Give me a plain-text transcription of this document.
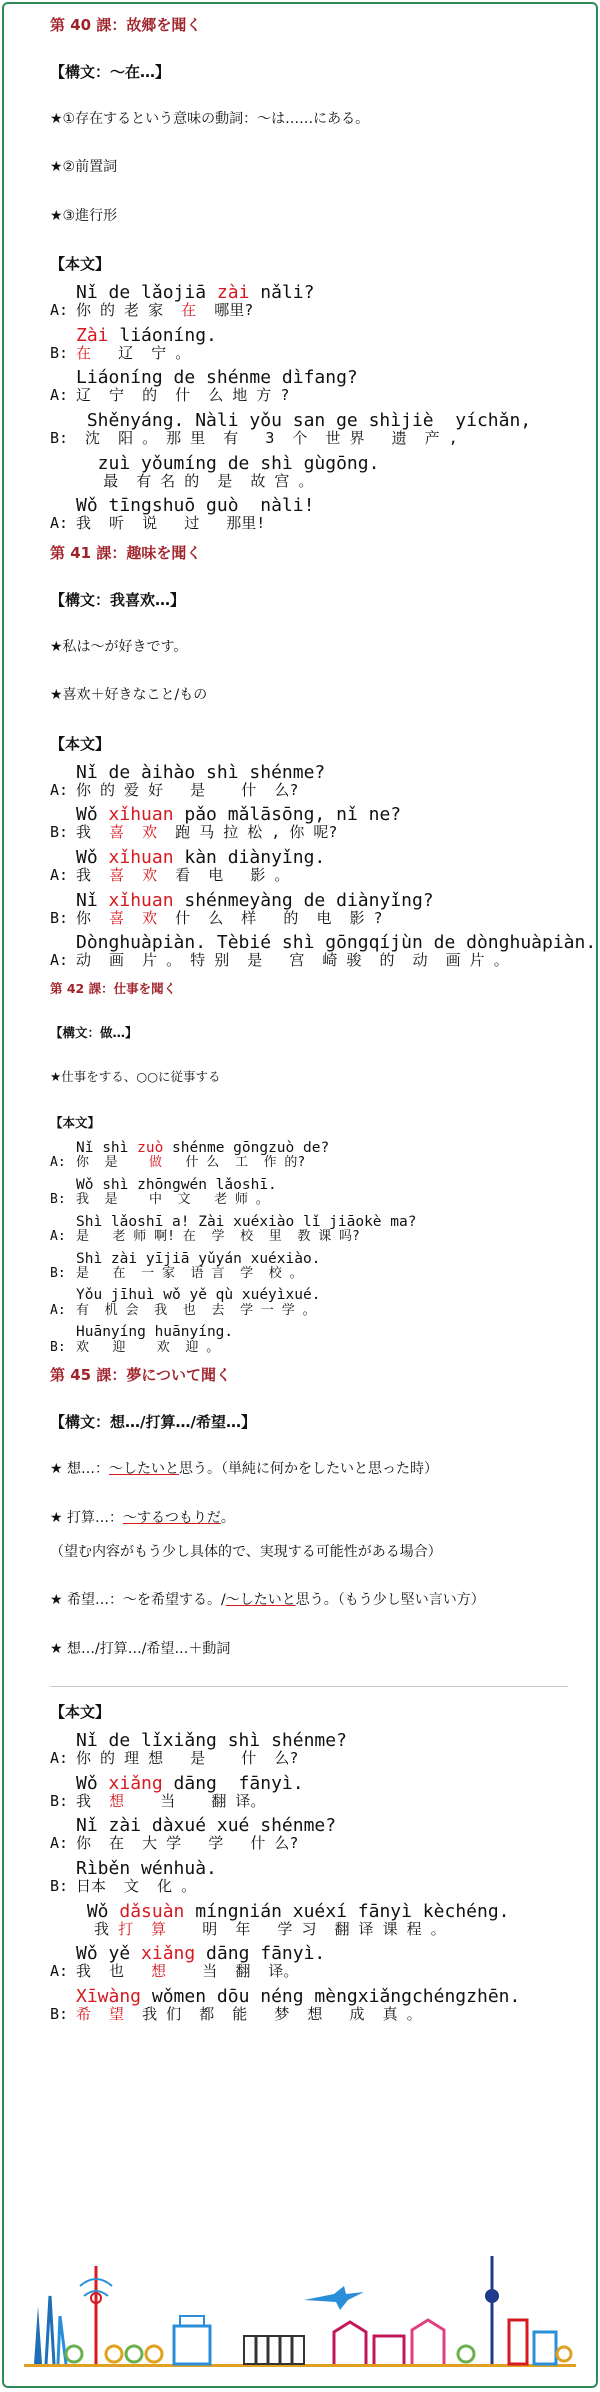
第 40 課：故郷を聞く
【構文：～在…】
★①存在するという意味の動詞：～は……にある。
★②前置詞
★③進行形
【本文】
Nǐ de lǎojiā zài nǎli?
A: 你 的 老 家  在  哪里?
Zài liáoníng.
B: 在   辽  宁 。
Liáoníng de shénme dìfang?
A: 辽  宁  的  什  么 地 方 ?
Shěnyáng. Nàli yǒu san ge shìjiè  yíchǎn,
B: 沈  阳 。 那 里  有   3  个  世 界   遗  产 ,
zuì yǒumíng de shì gùgōng.
最  有 名 的  是  故 宫 。
Wǒ tīngshuō guò  nàli!
A: 我  听  说   过   那里!
第 41 課：趣味を聞く
【構文：我喜欢…】
★私は～が好きです。
★喜欢＋好きなこと/もの
【本文】
Nǐ de àihào shì shénme?
A: 你 的 爱 好   是    什  么?
Wǒ xǐhuan pǎo mǎlāsōng, nǐ ne?
B: 我  喜  欢  跑 马 拉 松 , 你 呢?
Wǒ xǐhuan kàn diànyǐng.
A: 我  喜  欢  看  电   影 。
Nǐ xǐhuan shénmeyàng de diànyǐng?
B: 你  喜  欢  什  么  样   的  电  影 ?
Dònghuàpiàn. Tèbié shì gōngqíjùn de dònghuàpiàn.
A: 动  画  片 。 特 别  是   宫  崎 骏  的  动  画 片 。
第 42 課：仕事を聞く
【構文：做…】
★仕事をする、○○に従事する
【本文】
Nǐ shì zuò shénme gōngzuò de?
A: 你  是    做   什 么  工  作 的?
Wǒ shì zhōngwén lǎoshī.
B: 我  是    中  文   老 师 。
Shì lǎoshī a! Zài xuéxiào lǐ jiāokè ma?
A: 是   老 师 啊! 在  学  校  里  教 课 吗?
Shì zài yījiā yǔyán xuéxiào.
B: 是   在  一 家  语 言  学  校 。
Yǒu jīhuì wǒ yě qù xuéyìxué.
A: 有  机 会  我  也  去  学 一 学 。
Huānyíng huānyíng.
B: 欢   迎    欢  迎 。
第 45 課：夢について聞く
【構文：想…/打算…/希望…】
★ 想…：～したいと思う。（単純に何かをしたいと思った時）
★ 打算…：～するつもりだ。
（望む内容がもう少し具体的で、実現する可能性がある場合）
★ 希望…：～を希望する。/～したいと思う。（もう少し堅い言い方）
★ 想…/打算…/希望…＋動詞
【本文】
Nǐ de lǐxiǎng shì shénme?
A: 你 的 理 想   是    什  么?
Wǒ xiǎng dāng  fānyì.
B: 我  想    当    翻 译。
Nǐ zài dàxué xué shénme?
A: 你  在  大 学   学   什 么?
Rìběn wénhuà.
B: 日本  文  化 。
Wǒ dǎsuàn míngnián xuéxí fānyì kèchéng.
我 打  算    明  年   学 习  翻 译 课 程 。
Wǒ yě xiǎng dāng fānyì.
A: 我  也   想    当  翻  译。
Xīwàng wǒmen dōu néng mèngxiǎngchéngzhēn.
B: 希  望  我 们  都  能   梦  想   成  真 。
